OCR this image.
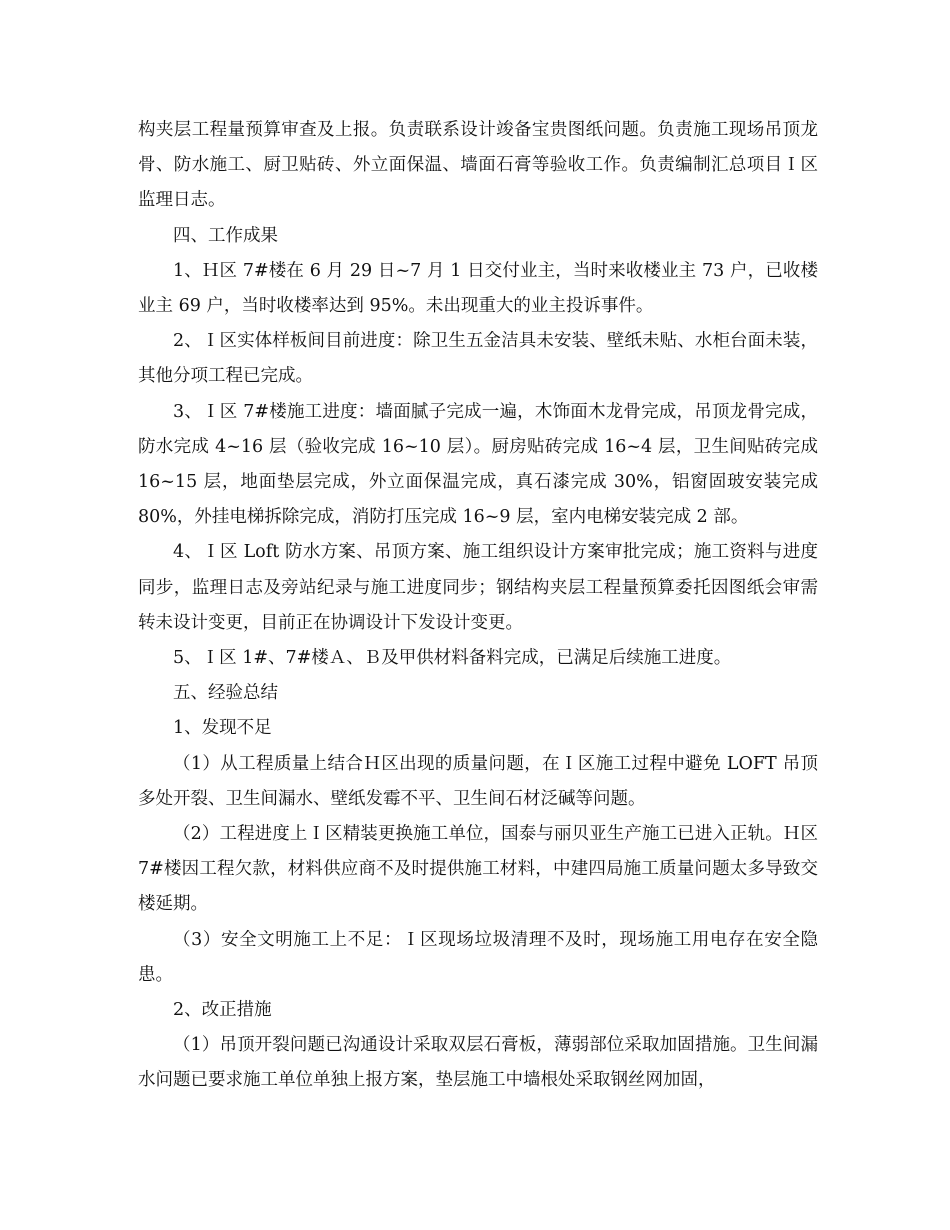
构夹层工程量预算审查及上报。负责联系设计竣备宝贵图纸问题。负责施工现场吊顶龙骨、防水施工、厨卫贴砖、外立面保温、墙面石膏等验收工作。负责编制汇总项目Ｉ区监理日志。

四、工作成果

1、Ｈ区 7#楼在 6 月 29 日~7 月 1 日交付业主，当时来收楼业主 73 户，已收楼业主 69 户，当时收楼率达到 95%。未出现重大的业主投诉事件。

2、Ｉ区实体样板间目前进度：除卫生五金洁具未安装、壁纸未贴、水柜台面未装，其他分项工程已完成。

3、Ｉ区 7#楼施工进度：墙面腻子完成一遍，木饰面木龙骨完成，吊顶龙骨完成，防水完成 4~16 层（验收完成 16~10 层）。厨房贴砖完成 16~4 层，卫生间贴砖完成 16~15 层，地面垫层完成，外立面保温完成，真石漆完成 30%，铝窗固玻安装完成 80%，外挂电梯拆除完成，消防打压完成 16~9 层，室内电梯安装完成 2 部。

4、Ｉ区 Loft 防水方案、吊顶方案、施工组织设计方案审批完成；施工资料与进度同步，监理日志及旁站纪录与施工进度同步；钢结构夹层工程量预算委托因图纸会审需转未设计变更，目前正在协调设计下发设计变更。

5、Ｉ区 1#、7#楼Ａ、Ｂ及甲供材料备料完成，已满足后续施工进度。

五、经验总结

1、发现不足

（1）从工程质量上结合Ｈ区出现的质量问题，在Ｉ区施工过程中避免 LOFT 吊顶多处开裂、卫生间漏水、壁纸发霉不平、卫生间石材泛碱等问题。

（2）工程进度上Ｉ区精装更换施工单位，国泰与丽贝亚生产施工已进入正轨。Ｈ区 7#楼因工程欠款，材料供应商不及时提供施工材料，中建四局施工质量问题太多导致交楼延期。

（3）安全文明施工上不足：Ｉ区现场垃圾清理不及时，现场施工用电存在安全隐患。

2、改正措施

（1）吊顶开裂问题已沟通设计采取双层石膏板，薄弱部位采取加固措施。卫生间漏水问题已要求施工单位单独上报方案，垫层施工中墙根处采取钢丝网加固，
